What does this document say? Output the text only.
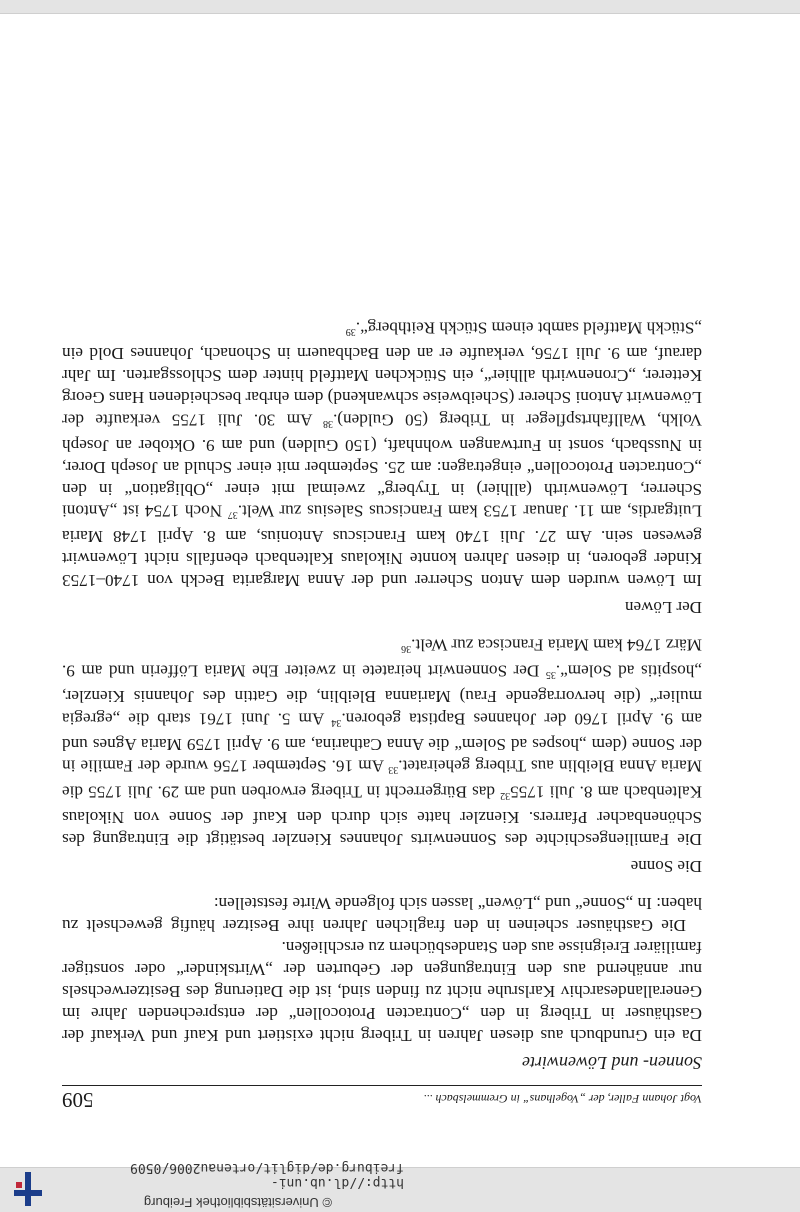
© Universitätsbibliothek Freiburg
http://dl.ub.uni-freiburg.de/diglit/ortenau2006/0509
Vogt Johann Faller, der „Vogelhans“ in Gremmelsbach ...
509
Sonnen- und Löwenwirte

Da ein Grundbuch aus diesen Jahren in Triberg nicht existiert und Kauf und Verkauf der Gasthäuser in Triberg in den „Contracten Protocollen“ der entsprechenden Jahre im Generallandesarchiv Karlsruhe nicht zu finden sind, ist die Datierung des Besitzerwechsels nur annähernd aus den Eintragungen der Geburten der „Wirtskinder“ oder sonstiger familiärer Ereignisse aus den Standesbüchern zu erschließen.

Die Gasthäuser scheinen in den fraglichen Jahren ihre Besitzer häufig gewechselt zu haben: In „Sonne“ und „Löwen“ lassen sich folgende Wirte feststellen:

Die Sonne

Die Familiengeschichte des Sonnenwirts Johannes Kienzler bestätigt die Eintragung des Schönenbacher Pfarrers. Kienzler hatte sich durch den Kauf der Sonne von Nikolaus Kaltenbach am 8. Juli 1755$^{32}$ das Bürgerrecht in Triberg erworben und am 29. Juli 1755 die Maria Anna Bleiblin aus Triberg geheiratet.$^{33}$ Am 16. September 1756 wurde der Familie in der Sonne (dem „hospes ad Solem“ die Anna Catharina, am 9. April 1759 Maria Agnes und am 9. April 1760 der Johannes Baptista geboren.$^{34}$ Am 5. Juni 1761 starb die „egregia mulier“ (die hervorragende Frau) Marianna Bleiblin, die Gattin des Johannis Kienzler, „hospitis ad Solem“.$^{35}$ Der Sonnenwirt heiratete in zweiter Ehe Maria Löfferin und am 9. März 1764 kam Maria Francisca zur Welt.$^{36}$

Der Löwen

Im Löwen wurden dem Anton Scherrer und der Anna Margarita Beckh von 1740–1753 Kinder geboren, in diesen Jahren konnte Nikolaus Kaltenbach ebenfalls nicht Löwenwirt gewesen sein. Am 27. Juli 1740 kam Franciscus Antonius, am 8. April 1748 Maria Luitgardis, am 11. Januar 1753 kam Franciscus Salesius zur Welt.$^{37}$ Noch 1754 ist „Antoni Scherrer, Löwenwirth (allhier) in Tryberg“ zweimal mit einer „Obligation“ in den „Contracten Protocollen“ eingetragen: am 25. September mit einer Schuld an Joseph Dorer, in Nussbach, sonst in Furtwangen wohnhaft, (150 Gulden) und am 9. Oktober an Joseph Volkh, Wallfahrtspfleger in Triberg (50 Gulden).$^{38}$ Am 30. Juli 1755 verkaufte der Löwenwirt Antoni Scherer (Scheibweise schwankend) dem ehrbar bescheidenen Hans Georg Ketterer, „Cronenwirth allhier“, ein Stückchen Mattfeld hinter dem Schlossgarten. Im Jahr darauf, am 9. Juli 1756, verkaufte er an den Bachbauern in Schonach, Johannes Dold ein „Stückh Mattfeld sambt einem Stückh Reithberg“.$^{39}$
